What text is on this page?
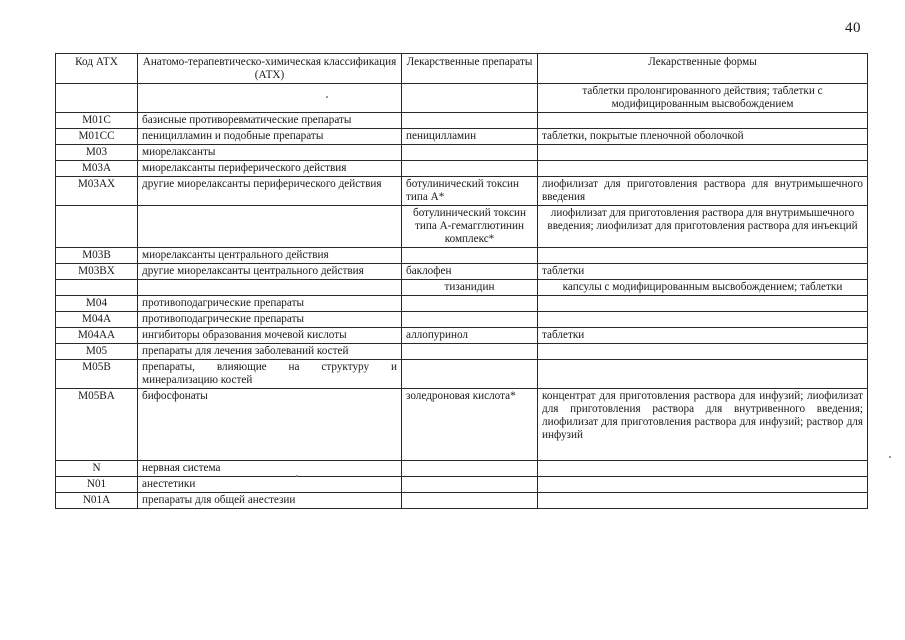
40
Код АТХ	Анатомо-терапевтическо-химическая классификация (АТХ)	Лекарственные препараты	Лекарственные формы
			таблетки пролонгированного действия; таблетки с модифицированным высвобождением
M01C	базисные противоревматические препараты		
M01CC	пеницилламин и подобные препараты	пеницилламин	таблетки, покрытые пленочной оболочкой
M03	миорелаксанты		
M03A	миорелаксанты периферического действия		
M03AX	другие миорелаксанты периферического действия	ботулинический токсин типа А*	лиофилизат для приготовления раствора для внутримышечного введения
		ботулинический токсин типа А-гемагглютинин комплекс*	лиофилизат для приготовления раствора для внутримышечного введения; лиофилизат для приготовления раствора для инъекций
M03B	миорелаксанты центрального действия		
M03BX	другие миорелаксанты центрального действия	баклофен	таблетки
		тизанидин	капсулы с модифицированным высвобождением; таблетки
M04	противоподагрические препараты		
M04A	противоподагрические препараты		
M04AA	ингибиторы образования мочевой кислоты	аллопуринол	таблетки
M05	препараты для лечения заболеваний костей		
M05B	препараты, влияющие на структуру и минерализацию костей		
M05BA	бифосфонаты	золедроновая кислота*	концентрат для приготовления раствора для инфузий; лиофилизат для приготовления раствора для внутривенного введения; лиофилизат для приготовления раствора для инфузий; раствор для инфузий
N	нервная система		
N01	анестетики		
N01A	препараты для общей анестезии		
